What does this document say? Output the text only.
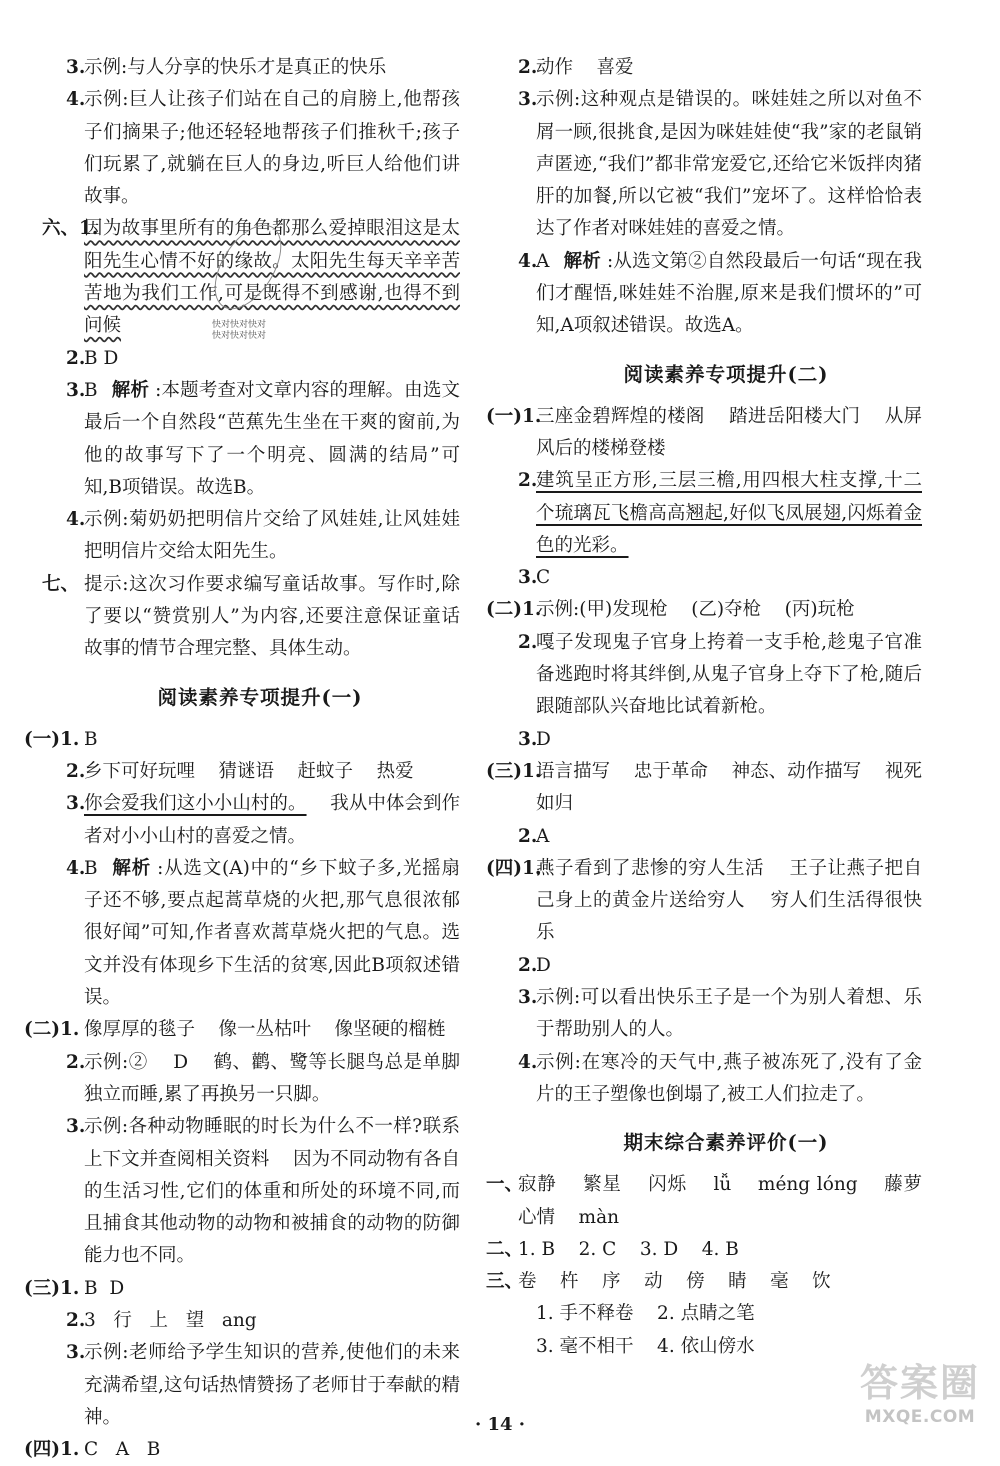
3.
示例:与人分享的快乐才是真正的快乐
4.
示例:巨人让孩子们站在自己的肩膀上,他帮孩子们摘果子;他还轻轻地帮孩子们推秋千;孩子们玩累了,就躺在巨人的身边,听巨人给他们讲故事。
六、1.
因为故事里所有的角色都那么爱掉眼泪这是太阳先生心情不好的缘故。太阳先生每天辛辛苦苦地为我们工作,可是既得不到感谢,也得不到问候
2.
B D
3.
B 解析 :本题考查对文章内容的理解。由选文最后一个自然段“芭蕉先生坐在干爽的窗前,为他的故事写下了一个明亮、圆满的结局”可知,B项错误。故选B。
4.
示例:菊奶奶把明信片交给了风娃娃,让风娃娃把明信片交给太阳先生。
七、 提示:这次习作要求编写童话故事。写作时,除了要以“赞赏别人”为内容,还要注意保证童话故事的情节合理完整、具体生动。
阅读素养专项提升(一)
(一)1. B
2.
乡下可好玩哩    猜谜语    赶蚊子    热爱
3.
你会爱我们这小小山村的。    我从中体会到作者对小小山村的喜爱之情。
4.
B 解析 :从选文(A)中的“乡下蚊子多,光摇扇子还不够,要点起蒿草烧的火把,那气息很浓郁很好闻”可知,作者喜欢蒿草烧火把的气息。选文并没有体现乡下生活的贫寒,因此B项叙述错误。
(二)1. 像厚厚的毯子    像一丛枯叶    像坚硬的榴梿
2.
示例:②    D    鹤、鹳、鹭等长腿鸟总是单脚独立而睡,累了再换另一只脚。
3.
示例:各种动物睡眠的时长为什么不一样?联系上下文并查阅相关资料    因为不同动物有各自的生活习性,它们的体重和所处的环境不同,而且捕食其他动物的动物和被捕食的动物的防御能力也不同。
(三)1. B  D
2.
3   行   上   望   ang
3.
示例:老师给予学生知识的营养,使他们的未来充满希望,这句话热情赞扬了老师甘于奉献的精神。
(四)1. C   A   B
快对快对快对
快对快对快对
2.
动作    喜爱
3.
示例:这种观点是错误的。咪娃娃之所以对鱼不屑一顾,很挑食,是因为咪娃娃使“我”家的老鼠销声匿迹,“我们”都非常宠爱它,还给它米饭拌肉猪肝的加餐,所以它被“我们”宠坏了。这样恰恰表达了作者对咪娃娃的喜爱之情。
4.
A 解析 :从选文第②自然段最后一句话“现在我们才醒悟,咪娃娃不治腥,原来是我们惯坏的”可知,A项叙述错误。故选A。
阅读素养专项提升(二)
(一)1.
三座金碧辉煌的楼阁    踏进岳阳楼大门    从屏风后的楼梯登楼
2.
建筑呈正方形,三层三檐,用四根大柱支撑,十二个琉璃瓦飞檐高高翘起,好似飞凤展翅,闪烁着金色的光彩。
3.
C
(二)1.
示例:(甲)发现枪    (乙)夺枪    (丙)玩枪
2.
嘎子发现鬼子官身上挎着一支手枪,趁鬼子官准备逃跑时将其绊倒,从鬼子官身上夺下了枪,随后跟随部队兴奋地比试着新枪。
3.
D
(三)1.
语言描写    忠于革命    神态、动作描写    视死如归
2.
A
(四)1.
燕子看到了悲惨的穷人生活    王子让燕子把自己身上的黄金片送给穷人    穷人们生活得很快乐
2.
D
3.
示例:可以看出快乐王子是一个为别人着想、乐于帮助别人的人。
4.
示例:在寒冷的天气中,燕子被冻死了,没有了金片的王子塑像也倒塌了,被工人们拉走了。
期末综合素养评价(一)
一、
寂静    繁星    闪烁    lǚ    méng lóng    藤萝    心情    màn
二、
1. B    2. C    3. D    4. B
三、
卷    杵    序    动    傍    睛    毫    饮
1. 手不释卷    2. 点睛之笔
3. 毫不相干    4. 依山傍水
· 14 ·
答案圈
MXQE.COM
